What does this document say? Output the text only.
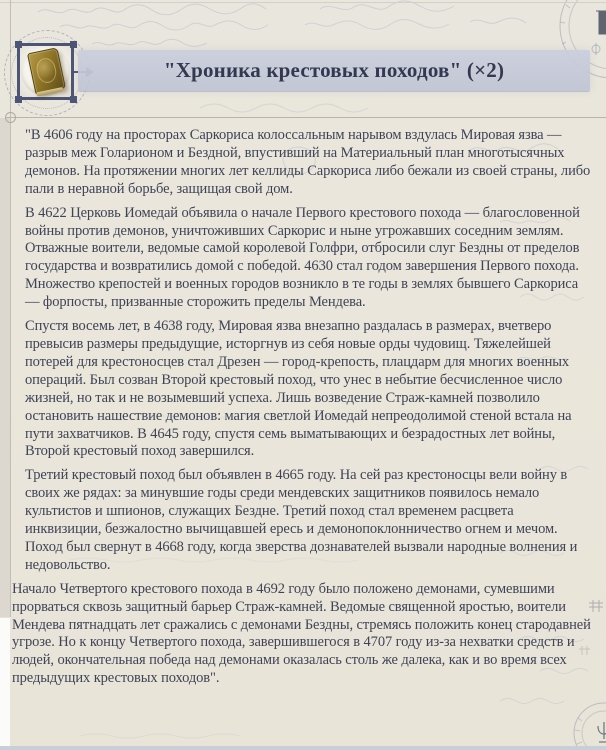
"Хроника крестовых походов" (×2)

"В 4606 году на просторах Саркориса колоссальным нарывом вздулась Мировая язва — разрыв меж Голарионом и Бездной, впустивший на Материальный план многотысячных демонов. На протяжении многих лет келлиды Саркориса либо бежали из своей страны, либо пали в неравной борьбе, защищая свой дом.

В 4622 Церковь Иомедай объявила о начале Первого крестового похода — благословенной войны против демонов, уничтоживших Саркорис и ныне угрожавших соседним землям. Отважные воители, ведомые самой королевой Голфри, отбросили слуг Бездны от пределов государства и возвратились домой с победой. 4630 стал годом завершения Первого похода. Множество крепостей и военных городов возникло в те годы в землях бывшего Саркориса — форпосты, призванные сторожить пределы Мендева.

Спустя восемь лет, в 4638 году, Мировая язва внезапно раздалась в размерах, вчетверо превысив размеры предыдущие, исторгнув из себя новые орды чудовищ. Тяжелейшей потерей для крестоносцев стал Дрезен — город-крепость, плацдарм для многих военных операций. Был созван Второй крестовый поход, что унес в небытие бесчисленное число жизней, но так и не возымевший успеха. Лишь возведение Страж-камней позволило остановить нашествие демонов: магия светлой Иомедай непреодолимой стеной встала на пути захватчиков. В 4645 году, спустя семь выматывающих и безрадостных лет войны, Второй крестовый поход завершился.

Третий крестовый поход был объявлен в 4665 году. На сей раз крестоносцы вели войну в своих же рядах: за минувшие годы среди мендевских защитников появилось немало культистов и шпионов, служащих Бездне. Третий поход стал временем расцвета инквизиции, безжалостно вычищавшей ересь и демонопоклонничество огнем и мечом. Поход был свернут в 4668 году, когда зверства дознавателей вызвали народные волнения и недовольство.

Начало Четвертого крестового похода в 4692 году было положено демонами, сумевшими прорваться сквозь защитный барьер Страж-камней. Ведомые священной яростью, воители Мендева пятнадцать лет сражались с демонами Бездны, стремясь положить конец стародавней угрозе. Но к концу Четвертого похода, завершившегося в 4707 году из-за нехватки средств и людей, окончательная победа над демонами оказалась столь же далека, как и во время всех предыдущих крестовых походов".
